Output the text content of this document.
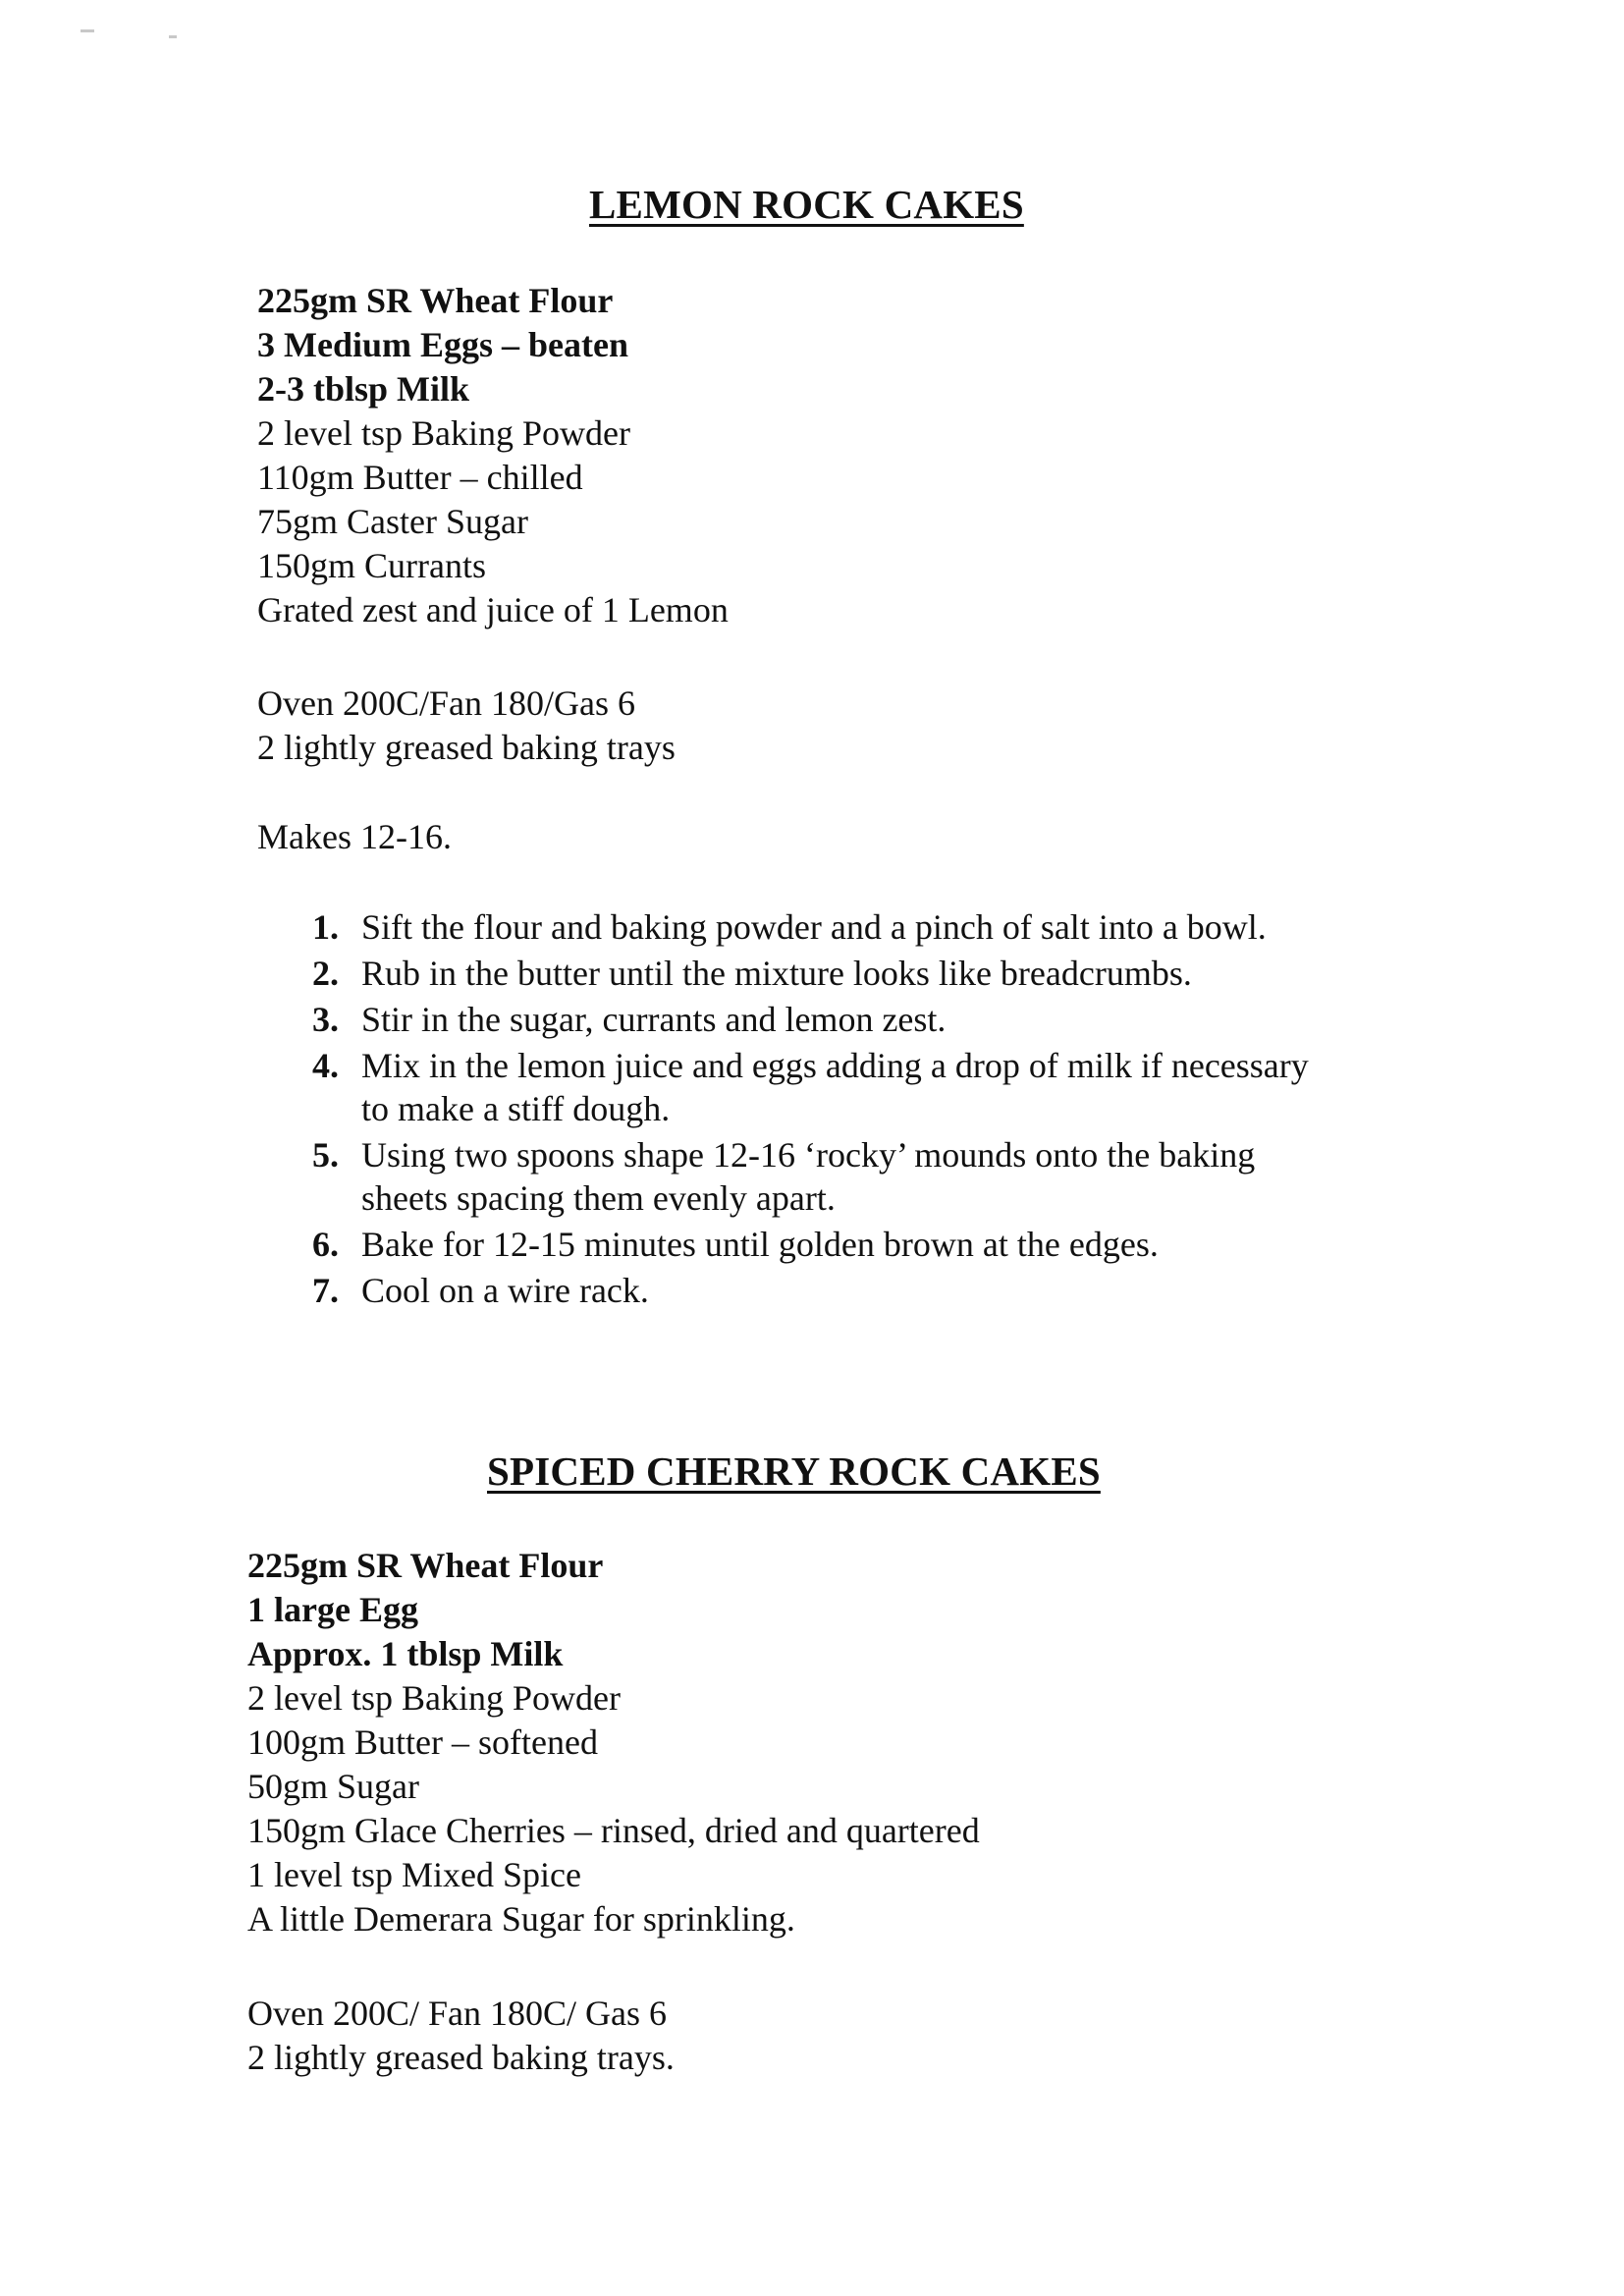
LEMON ROCK CAKES
225gm SR Wheat Flour
3 Medium Eggs – beaten
2-3 tblsp Milk
2 level tsp Baking Powder
110gm Butter – chilled
75gm Caster Sugar
150gm Currants
Grated zest and juice of 1 Lemon
Oven 200C/Fan 180/Gas 6
2 lightly greased baking trays
Makes 12-16.
1. Sift the flour and baking powder and a pinch of salt into a bowl.
2. Rub in the butter until the mixture looks like breadcrumbs.
3. Stir in the sugar, currants and lemon zest.
4. Mix in the lemon juice and eggs adding a drop of milk if necessary
to make a stiff dough.
5. Using two spoons shape 12-16 ‘rocky’ mounds onto the baking
sheets spacing them evenly apart.
6. Bake for 12-15 minutes until golden brown at the edges.
7. Cool on a wire rack.
SPICED CHERRY ROCK CAKES
225gm SR Wheat Flour
1 large Egg
Approx. 1 tblsp Milk
2 level tsp Baking Powder
100gm Butter – softened
50gm Sugar
150gm Glace Cherries – rinsed, dried and quartered
1 level tsp Mixed Spice
A little Demerara Sugar for sprinkling.
Oven 200C/ Fan 180C/ Gas 6
2 lightly greased baking trays.
